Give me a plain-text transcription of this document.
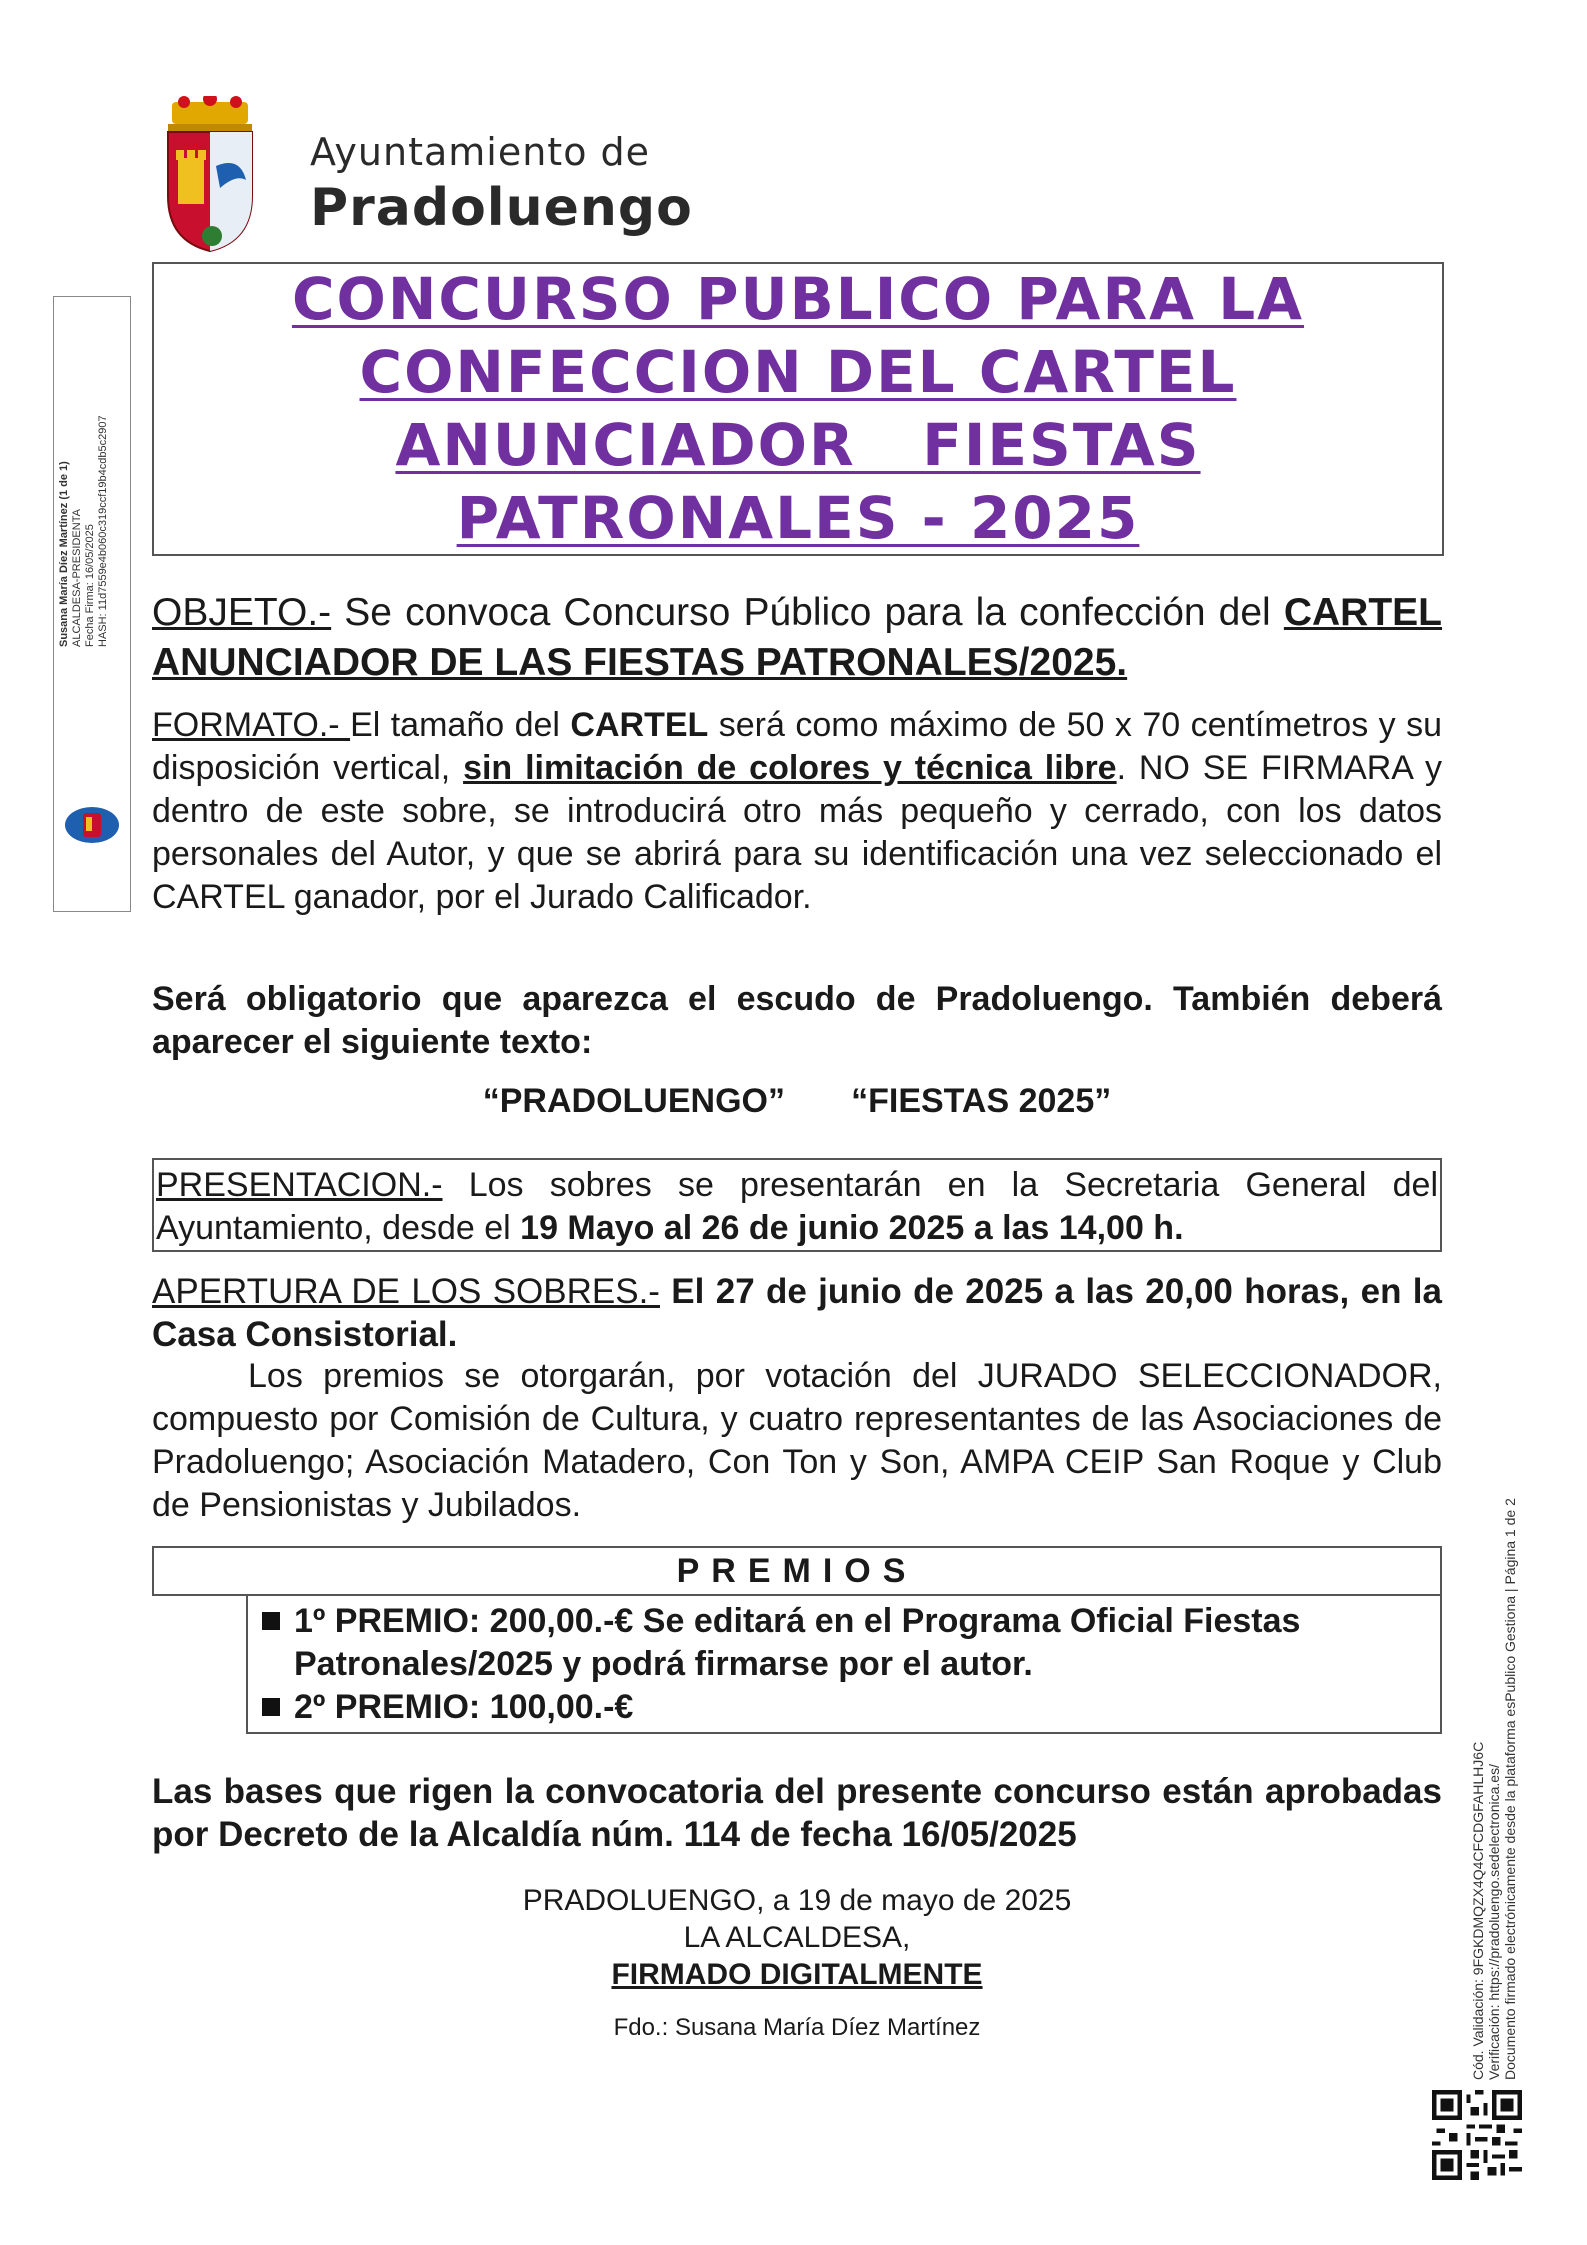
Ayuntamiento de
Pradoluengo
CONCURSO PUBLICO PARA LA
CONFECCION DEL CARTEL
ANUNCIADOR   FIESTAS
PATRONALES - 2025
OBJETO.- Se convoca Concurso Público para la confección del CARTEL ANUNCIADOR DE LAS FIESTAS PATRONALES/2025.
FORMATO.- El tamaño del CARTEL será como máximo de 50 x 70 centímetros y su disposición vertical, sin limitación de colores y técnica libre. NO SE FIRMARA y dentro de este sobre, se introducirá otro más pequeño y cerrado, con los datos personales del Autor, y que se abrirá para su identificación una vez seleccionado el CARTEL ganador, por el Jurado Calificador.
Será obligatorio que aparezca el escudo de Pradoluengo. También deberá aparecer el siguiente texto:
“PRADOLUENGO”       “FIESTAS 2025”
PRESENTACION.- Los sobres se presentarán en la Secretaria General del Ayuntamiento, desde el 19 Mayo al 26 de junio 2025 a las 14,00 h.
APERTURA DE LOS SOBRES.- El 27 de junio de 2025 a las 20,00 horas, en la Casa Consistorial.
Los premios se otorgarán, por votación del JURADO SELECCIONADOR, compuesto por Comisión de Cultura, y cuatro representantes de las Asociaciones de Pradoluengo; Asociación Matadero, Con Ton y Son, AMPA CEIP San Roque y Club de Pensionistas y Jubilados.
PREMIOS
1º PREMIO: 200,00.-€ Se editará en el Programa Oficial Fiestas
Patronales/2025 y podrá firmarse por el autor.
2º PREMIO: 100,00.-€
Las bases que rigen la convocatoria del presente concurso están aprobadas por Decreto de la Alcaldía núm. 114 de fecha 16/05/2025
PRADOLUENGO, a 19 de mayo de 2025
LA ALCALDESA,
FIRMADO DIGITALMENTE
Fdo.: Susana María Díez Martínez
Susana María Díez Martínez (1 de 1) ALCALDESA-PRESIDENTA Fecha Firma: 16/05/2025 HASH: 11d7559e4b060c319ccf19b4cdb5c2907
Cód. Validación: 9FGKDMQZX4Q4CFCDGFAHLHJ6C Verificación: https://pradoluengo.sedelectronica.es/ Documento firmado electrónicamente desde la plataforma esPublico Gestiona | Página 1 de 2
